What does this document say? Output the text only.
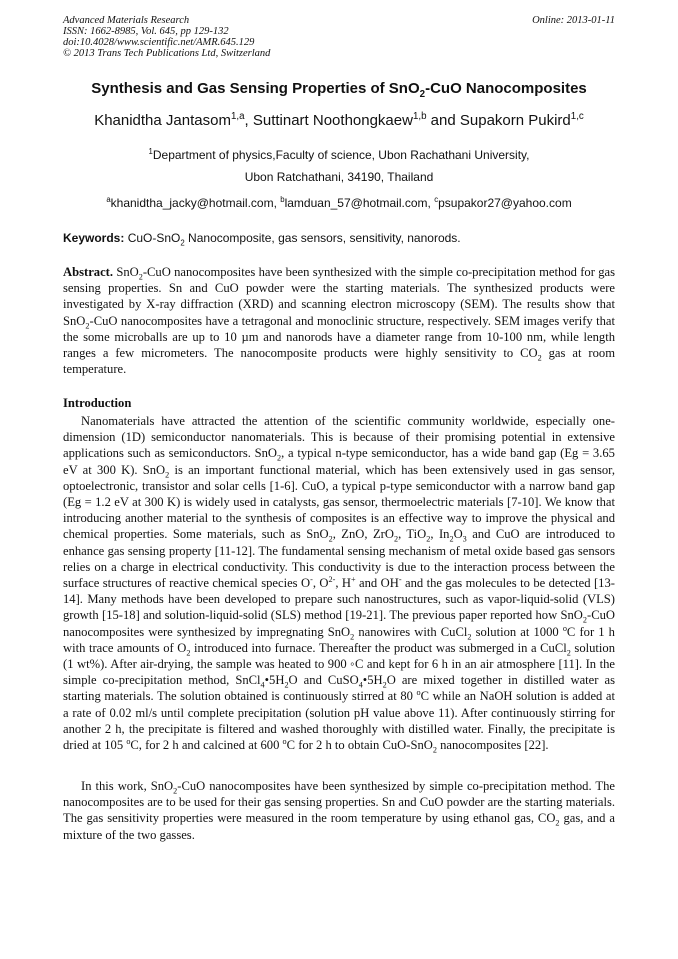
Advanced Materials Research
ISSN: 1662-8985, Vol. 645, pp 129-132
doi:10.4028/www.scientific.net/AMR.645.129
© 2013 Trans Tech Publications Ltd, Switzerland
Online: 2013-01-11
Synthesis and Gas Sensing Properties of SnO$_2$-CuO Nanocomposites
Khanidtha Jantasom$^{1,a}$, Suttinart Noothongkaew$^{1,b}$ and Supakorn Pukird$^{1,c}$
$^1$Department of physics,Faculty of science, Ubon Rachathani University,
Ubon Ratchathani, 34190, Thailand
$^a$khanidtha_jacky@hotmail.com, $^b$lamduan_57@hotmail.com, $^c$psupakor27@yahoo.com
Keywords: CuO-SnO$_2$ Nanocomposite, gas sensors, sensitivity, nanorods.
Abstract. SnO$_2$-CuO nanocomposites have been synthesized with the simple co-precipitation method for gas sensing properties. Sn and CuO powder were the starting materials. The synthesized products were investigated by X-ray diffraction (XRD) and scanning electron microscopy (SEM). The results show that SnO$_2$-CuO nanocomposites have a tetragonal and monoclinic structure, respectively. SEM images verify that the some microballs are up to 10 µm and nanorods have a diameter range from 10-100 nm, while length ranges a few micrometers. The nanocomposite products were highly sensitivity to $CO_2$ gas at room temperature.
Introduction
Nanomaterials have attracted the attention of the scientific community worldwide, especially one-dimension (1D) semiconductor nanomaterials. This is because of their promising potential in extensive applications such as semiconductors. SnO$_2$, a typical n-type semiconductor, has a wide band gap (Eg = 3.65 eV at 300 K). SnO$_2$ is an important functional material, which has been extensively used in gas sensor, optoelectronic, transistor and solar cells [1-6]. CuO, a typical p-type semiconductor with a narrow band gap (Eg = 1.2 eV at 300 K) is widely used in catalysts, gas sensor, thermoelectric materials [7-10]. We know that introducing another material to the synthesis of composites is an effective way to improve the physical and chemical properties. Some materials, such as SnO$_2$, ZnO, ZrO$_2$, TiO$_2$, $In_2O_3$ and CuO are introduced to enhance gas sensing property [11-12]. The fundamental sensing mechanism of metal oxide based gas sensors relies on a charge in electrical conductivity. This conductivity is due to the interaction process between the surface structures of reactive chemical species O-, $O^{2-}$, H+ and OH- and the gas molecules to be detected [13-14]. Many methods have been developed to prepare such nanostructures, such as vapor-liquid-solid (VLS) growth [15-18] and solution-liquid-solid (SLS) method [19-21]. The previous paper reported how SnO$_2$-CuO nanocomposites were synthesized by impregnating SnO$_2$ nanowires with CuCl$_2$ solution at 1000 $^o$C for 1 h with trace amounts of $O_2$ introduced into furnace. Thereafter the product was submerged in a CuCl$_2$ solution (1 wt%). After air-drying, the sample was heated to 900 ◦C and kept for 6 h in an air atmosphere [11]. In the simple co-precipitation method, $SnCl_4•5H_2O$ and $CuSO_4•5H_2O$ are mixed together in distilled water as starting materials. The solution obtained is continuously stirred at 80 $^o$C while an NaOH solution is added at a rate of 0.02 ml/s until complete precipitation (solution pH value above 11). After continuously stirring for another 2 h, the precipitate is filtered and washed thoroughly with distilled water. Finally, the precipitate is dried at 105 $^o$C, for 2 h and calcined at 600 $^o$C for 2 h to obtain CuO-SnO$_2$ nanocomposites [22].
In this work, SnO$_2$-CuO nanocomposites have been synthesized by simple co-precipitation method. The nanocomposites are to be used for their gas sensing properties. Sn and CuO powder are the starting materials. The gas sensitivity properties were measured in the room temperature by using ethanol gas, $CO_2$ gas, and a mixture of the two gasses.
